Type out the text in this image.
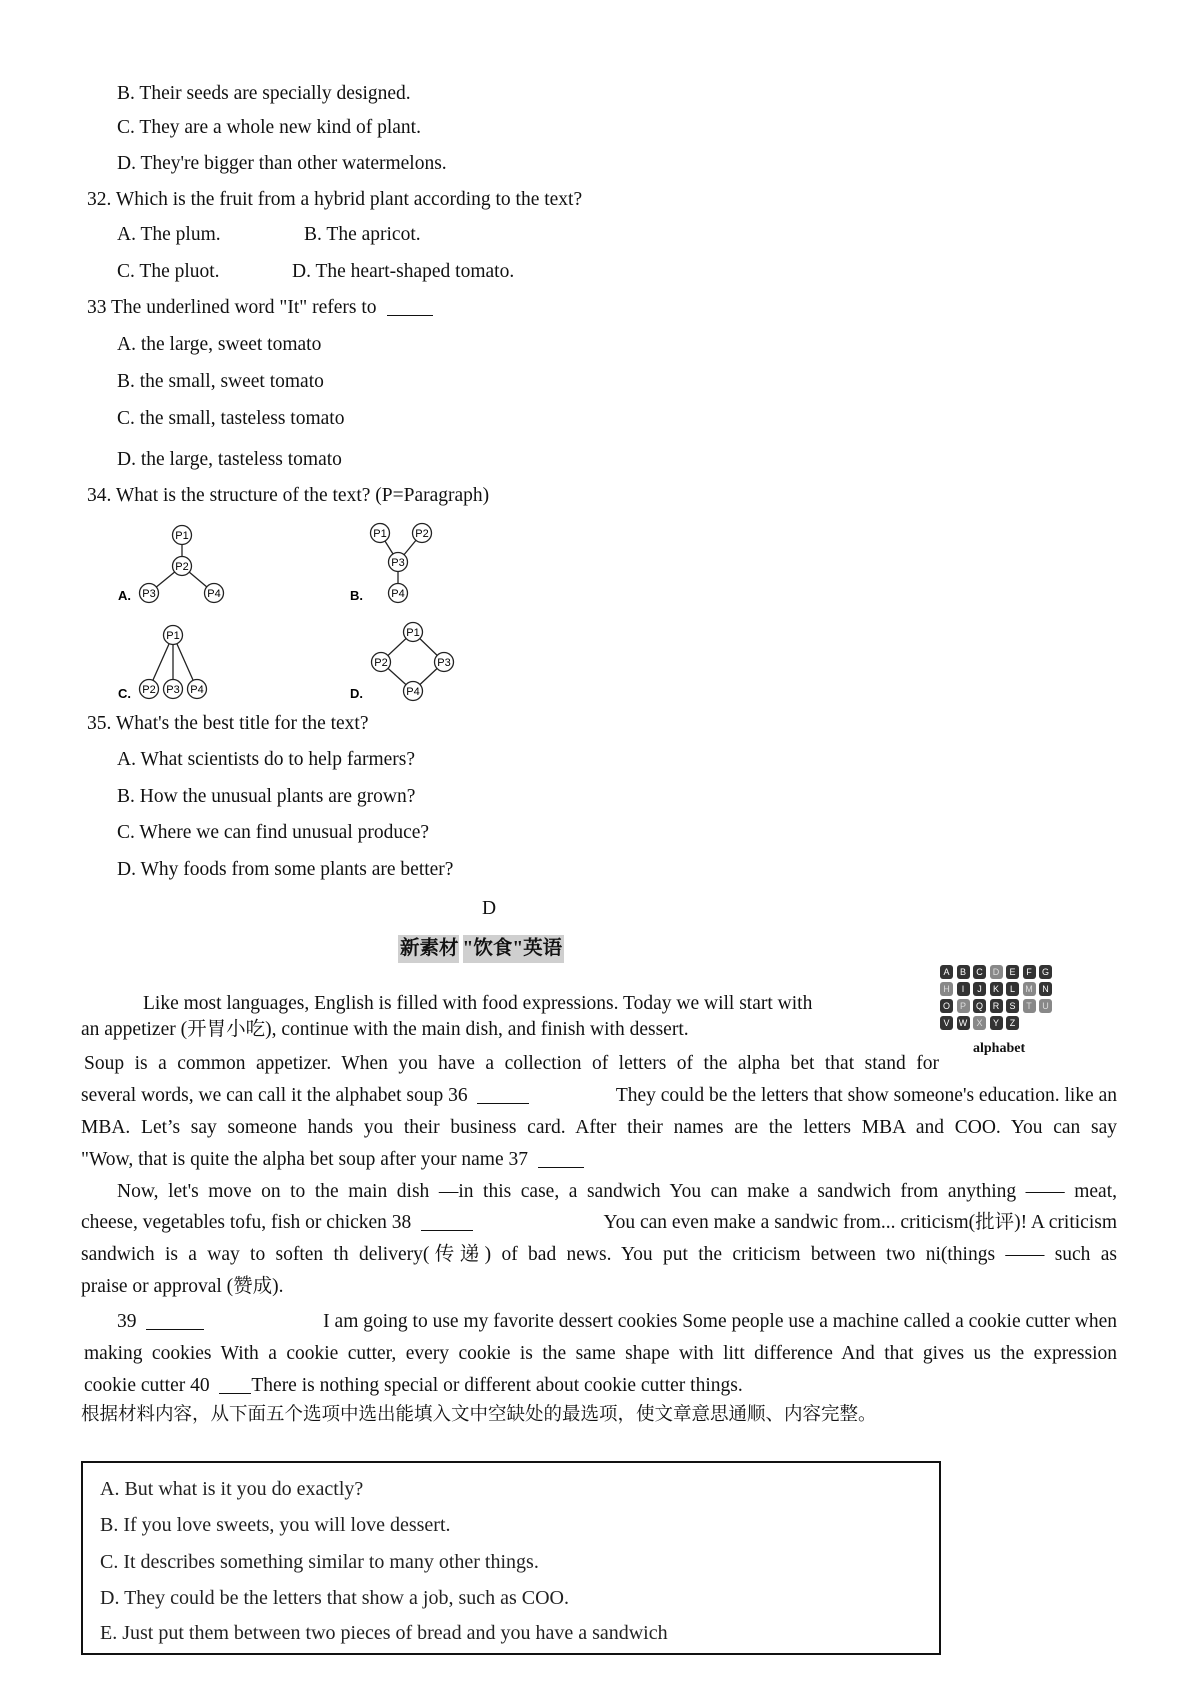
B. Their seeds are specially designed.
C. They are a whole new kind of plant.
D. They're bigger than other watermelons.
32. Which is the fruit from a hybrid plant according to the text?
A. The plum.	B. The apricot.
C. The pluot.	D. The heart-shaped tomato.
33 The underlined word "It" refers to
A. the large, sweet tomato
B. the small, sweet tomato
C. the small, tasteless tomato
D. the large, tasteless tomato
34. What is the structure of the text? (P=Paragraph)
P1
P2
P3	P4
A.
P1	P2
P3
P4
B.
P1
P2 P3 P4
C.
P1
P2	P3
P4
D.
35. What's the best title for the text?
A. What scientists do to help farmers?
B. How the unusual plants are grown?
C. Where we can find unusual produce?
D. Why foods from some plants are better?
D
新素材 "饮食"英语
A	B	C	D	E	F	G
H	I	J	K	L	M	N
O	P	Q	R	S	T	U
V	W	X	Y	Z
alphabet
Like most languages, English is filled with food expressions. Today we will start with
an appetizer (开胃小吃), continue with the main dish, and finish with dessert.
Soup is a common appetizer. When you have a collection of letters of the alpha bet that stand for
several words, we can call it the alphabet soup 36	They could be the letters that show someone's education. like an
MBA. Let’s say someone hands you their business card. After their names are the letters MBA and COO. You can say
"Wow, that is quite the alpha bet soup after your name 37
Now, let's move on to the main dish —in this case, a sandwich You can make a sandwich from anything —— meat,
cheese, vegetables tofu, fish or chicken 38	You can even make a sandwic from... criticism(批评)! A criticism
sandwich is a way to soften th delivery(传递) of bad news. You put the criticism between two ni(things —— such as
praise or approval (赞成).
39	I am going to use my favorite dessert cookies Some people use a machine called a cookie cutter when
making cookies With a cookie cutter, every cookie is the same shape with litt difference And that gives us the expression
cookie cutter 40 There is nothing special or different about cookie cutter things.
根据材料内容，从下面五个选项中选出能填入文中空缺处的最选项，使文章意思通顺、内容完整。
A. But what is it you do exactly?
B. If you love sweets, you will love dessert.
C. It describes something similar to many other things.
D. They could be the letters that show a job, such as COO.
E. Just put them between two pieces of bread and you have a sandwich
